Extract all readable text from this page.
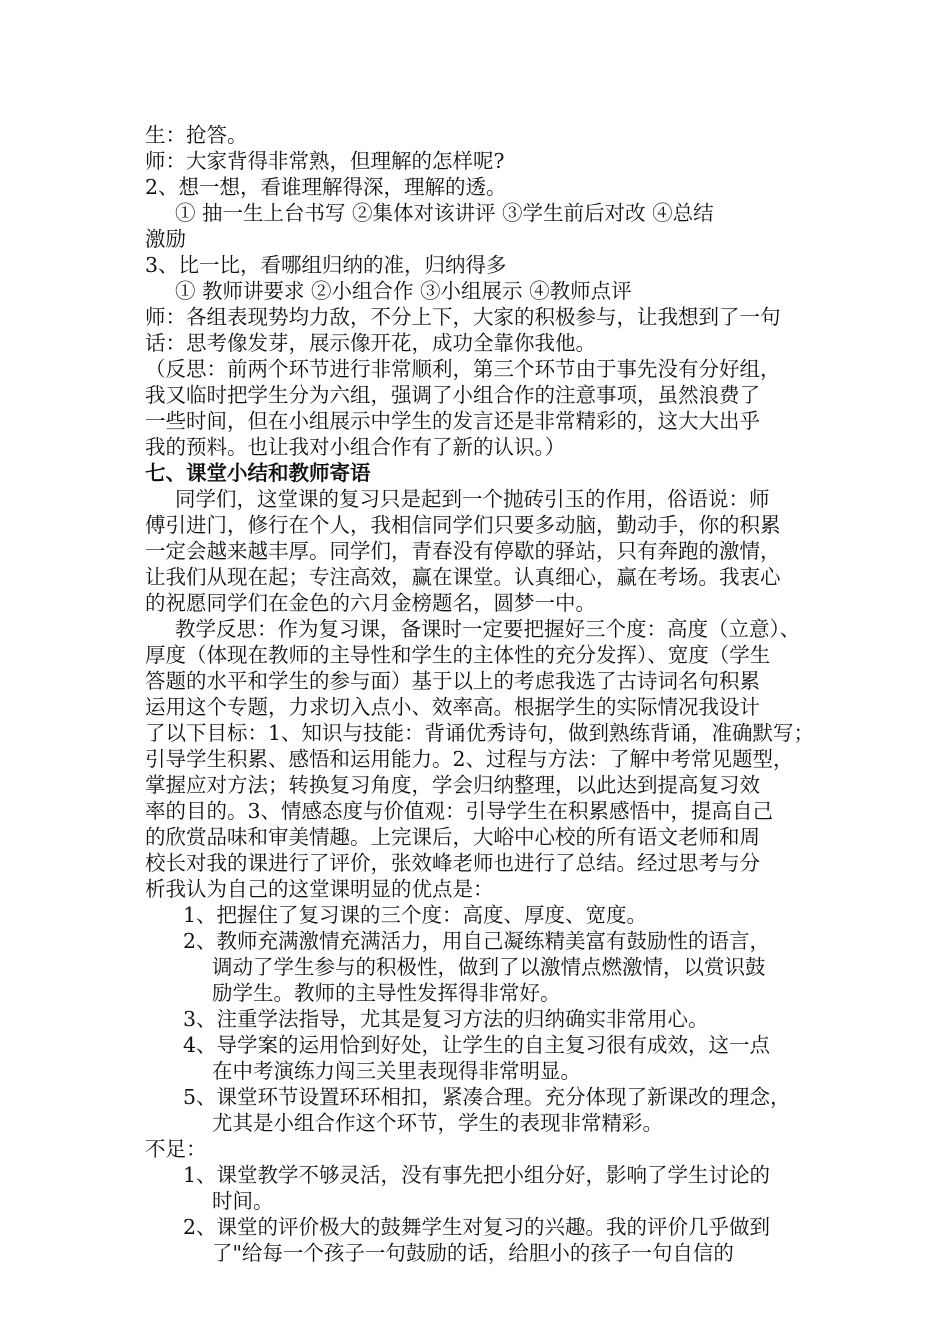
生：抢答。
师：大家背得非常熟，但理解的怎样呢?
2、想一想，看谁理解得深，理解的透。
① 抽一生上台书写 ②集体对该讲评 ③学生前后对改 ④总结
激励
3、比一比，看哪组归纳的准，归纳得多
① 教师讲要求 ②小组合作 ③小组展示 ④教师点评
师：各组表现势均力敌，不分上下，大家的积极参与，让我想到了一句
话：思考像发芽，展示像开花，成功全靠你我他。
（反思：前两个环节进行非常顺利，第三个环节由于事先没有分好组，
我又临时把学生分为六组，强调了小组合作的注意事项，虽然浪费了
一些时间，但在小组展示中学生的发言还是非常精彩的，这大大出乎
我的预料。也让我对小组合作有了新的认识。）
七、课堂小结和教师寄语
同学们，这堂课的复习只是起到一个抛砖引玉的作用，俗语说：师
傅引进门，修行在个人，我相信同学们只要多动脑，勤动手，你的积累
一定会越来越丰厚。同学们，青春没有停歇的驿站，只有奔跑的激情，
让我们从现在起；专注高效，赢在课堂。认真细心，赢在考场。我衷心
的祝愿同学们在金色的六月金榜题名，圆梦一中。
教学反思：作为复习课，备课时一定要把握好三个度：高度（立意）、
厚度（体现在教师的主导性和学生的主体性的充分发挥）、宽度（学生
答题的水平和学生的参与面）基于以上的考虑我选了古诗词名句积累
运用这个专题，力求切入点小、效率高。根据学生的实际情况我设计
了以下目标：1、知识与技能：背诵优秀诗句，做到熟练背诵，准确默写；
引导学生积累、感悟和运用能力。2、过程与方法：了解中考常见题型，
掌握应对方法；转换复习角度，学会归纳整理，以此达到提高复习效
率的目的。3、情感态度与价值观：引导学生在积累感悟中，提高自己
的欣赏品味和审美情趣。上完课后，大峪中心校的所有语文老师和周
校长对我的课进行了评价，张效峰老师也进行了总结。经过思考与分
析我认为自己的这堂课明显的优点是：
1、把握住了复习课的三个度：高度、厚度、宽度。
2、教师充满激情充满活力，用自己凝练精美富有鼓励性的语言，
调动了学生参与的积极性，做到了以激情点燃激情，以赏识鼓
励学生。教师的主导性发挥得非常好。
3、注重学法指导，尤其是复习方法的归纳确实非常用心。
4、导学案的运用恰到好处，让学生的自主复习很有成效，这一点
在中考演练力闯三关里表现得非常明显。
5、课堂环节设置环环相扣，紧凑合理。充分体现了新课改的理念，
尤其是小组合作这个环节，学生的表现非常精彩。
不足：
1、课堂教学不够灵活，没有事先把小组分好，影响了学生讨论的
时间。
2、课堂的评价极大的鼓舞学生对复习的兴趣。我的评价几乎做到
了"给每一个孩子一句鼓励的话，给胆小的孩子一句自信的
